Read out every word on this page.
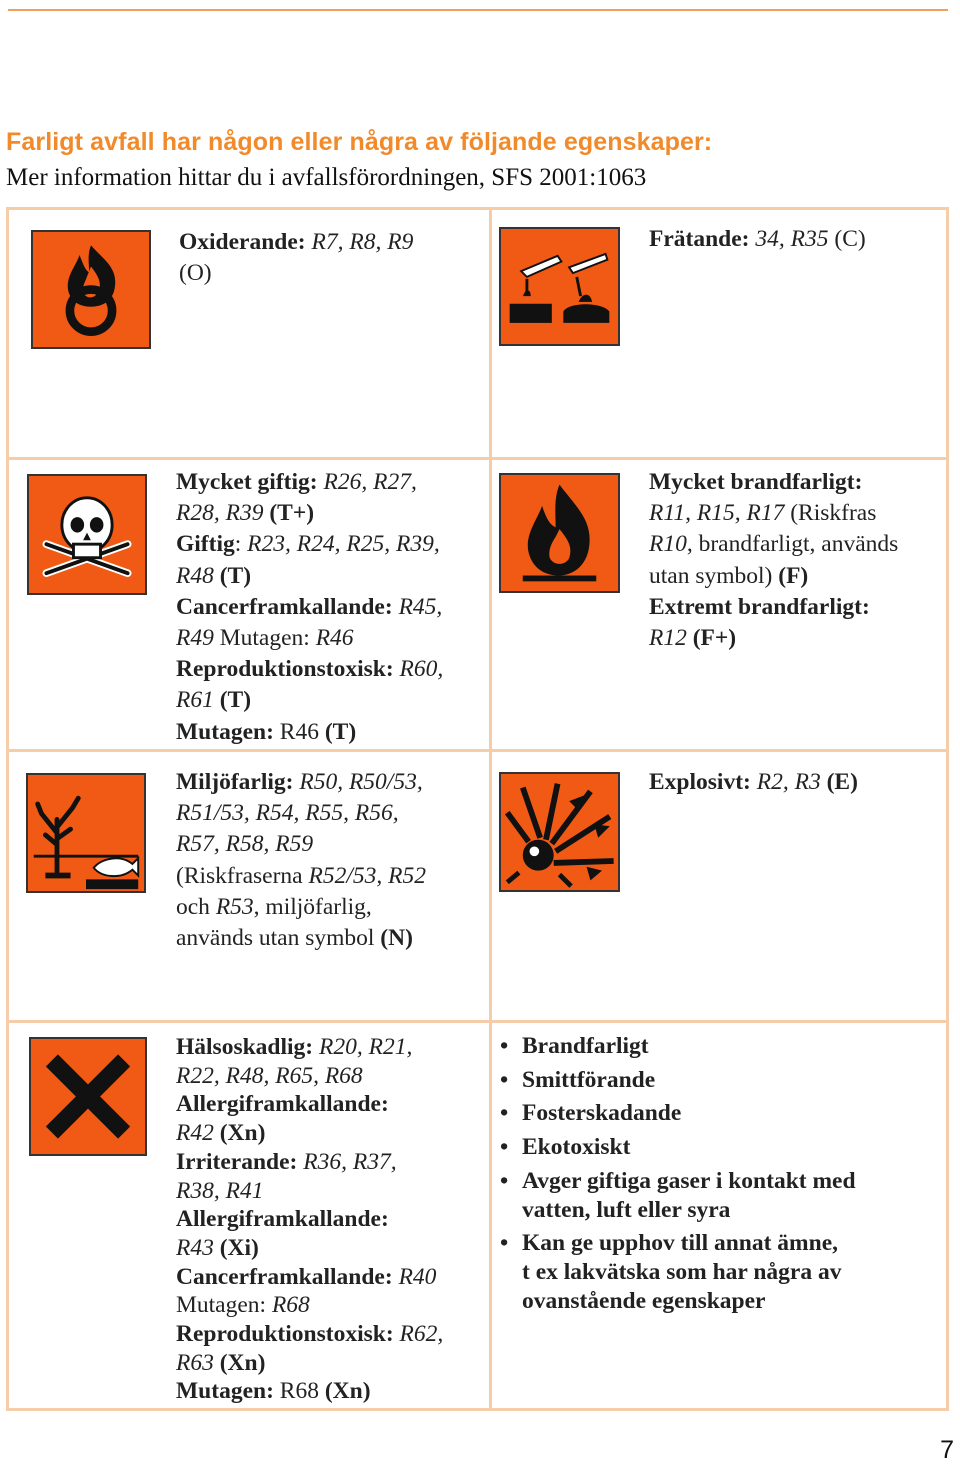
Farligt avfall har någon eller några av följande egenskaper:
Mer information hittar du i avfallsförordningen, SFS 2001:1063
Oxiderande: R7, R8, R9
(O)
Frätande: 34, R35 (C)
Mycket giftig: R26, R27,
R28, R39 (T+)
Giftig: R23, R24, R25, R39,
R48 (T)
Cancerframkallande: R45,
R49 Mutagen: R46
Reproduktionstoxisk: R60,
R61 (T)
Mutagen: R46 (T)
Mycket brandfarligt:
R11, R15, R17 (Riskfras
R10, brandfarligt, används
utan symbol) (F)
Extremt brandfarligt:
R12 (F+)
Miljöfarlig: R50, R50/53,
R51/53, R54, R55, R56,
R57, R58, R59
(Riskfraserna R52/53, R52
och R53, miljöfarlig,
används utan symbol (N)
Explosivt: R2, R3 (E)
Hälsoskadlig: R20, R21,
R22, R48, R65, R68
Allergiframkallande:
R42 (Xn)
Irriterande: R36, R37,
R38, R41
Allergiframkallande:
R43 (Xi)
Cancerframkallande: R40
Mutagen: R68
Reproduktionstoxisk: R62,
R63 (Xn)
Mutagen: R68 (Xn)
• Brandfarligt
• Smittförande
• Fosterskadande
• Ekotoxiskt
• Avger giftiga gaser i kontakt med
vatten, luft eller syra
• Kan ge upphov till annat ämne,
t ex lakvätska som har några av
ovanstående egenskaper
7
